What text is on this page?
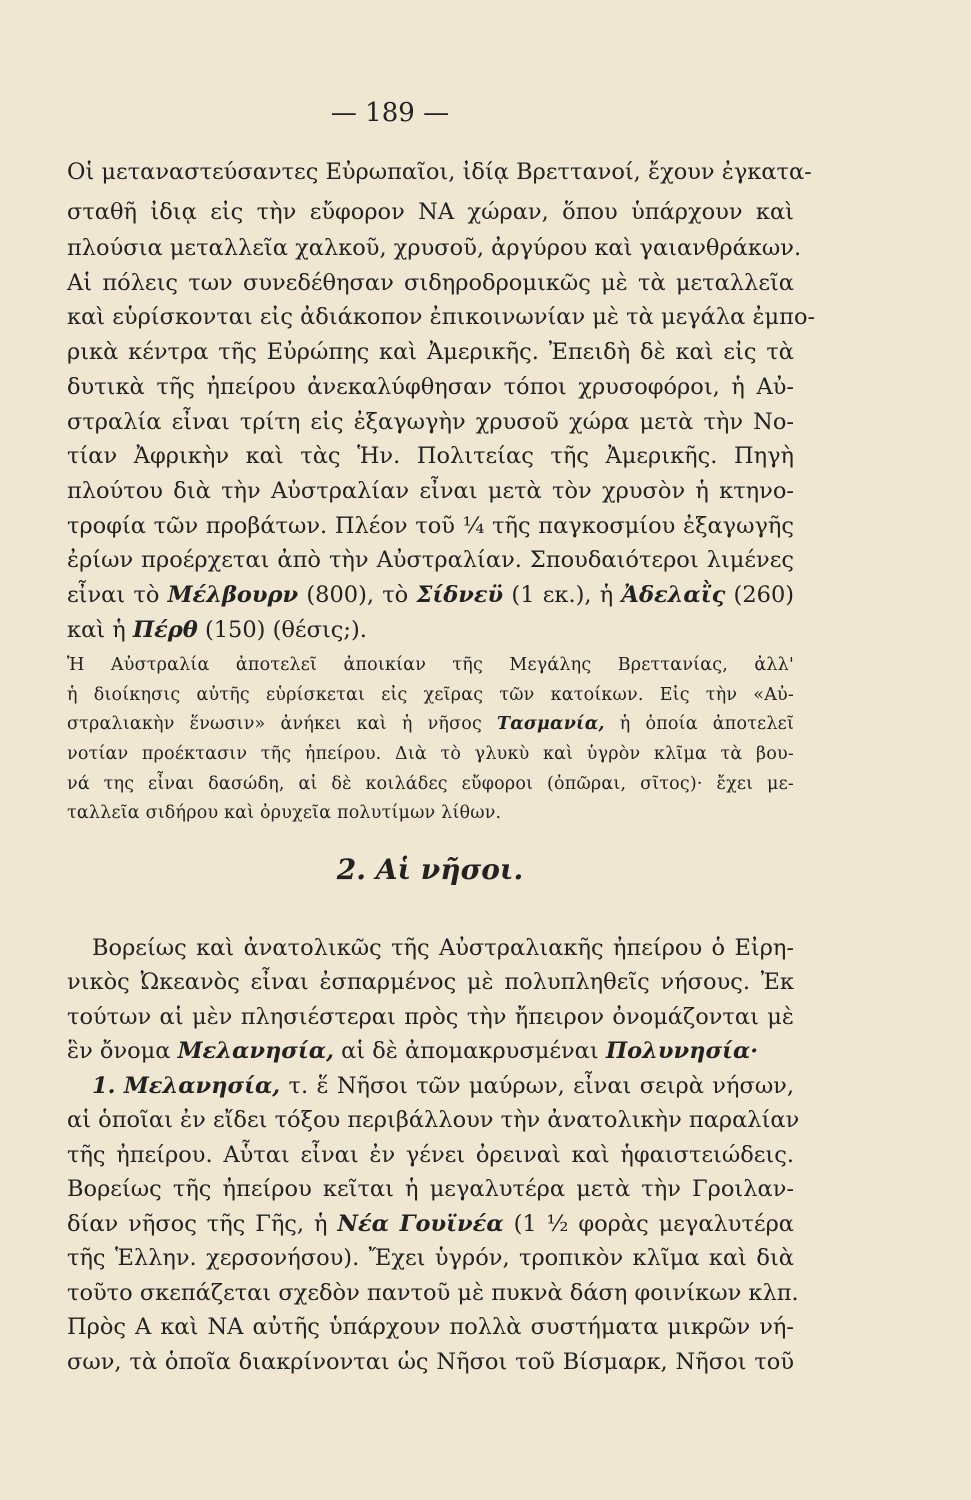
— 189 —
Οἱ μεταναστεύσαντες Εὐρωπαῖοι, ἰδίᾳ Βρεττανοί, ἔχουν ἐγκατα-
σταθῆ ἰδιᾳ εἰς τὴν εὔφορον ΝΑ χώραν, ὅπου ὑπάρχουν καὶ
πλούσια μεταλλεῖα χαλκοῦ, χρυσοῦ, ἀργύρου καὶ γαιανθράκων.
Αἱ πόλεις των συνεδέθησαν σιδηροδρομικῶς μὲ τὰ μεταλλεῖα
καὶ εὑρίσκονται εἰς ἀδιάκοπον ἐπικοινωνίαν μὲ τὰ μεγάλα ἐμπο-
ρικὰ κέντρα τῆς Εὐρώπης καὶ Ἀμερικῆς. Ἐπειδὴ δὲ καὶ εἰς τὰ
δυτικὰ τῆς ἠπείρου ἀνεκαλύφθησαν τόποι χρυσοφόροι, ἡ Αὐ-
στραλία εἶναι τρίτη εἰς ἐξαγωγὴν χρυσοῦ χώρα μετὰ τὴν Νο-
τίαν Ἀφρικὴν καὶ τὰς Ἡν. Πολιτείας τῆς Ἀμερικῆς. Πηγὴ
πλούτου διὰ τὴν Αὐστραλίαν εἶναι μετὰ τὸν χρυσὸν ἡ κτηνο-
τροφία τῶν προβάτων. Πλέον τοῦ ¼ τῆς παγκοσμίου ἐξαγωγῆς
ἐρίων προέρχεται ἀπὸ τὴν Αὐστραλίαν. Σπουδαιότεροι λιμένες
εἶναι τὸ Μέλβουρν (800), τὸ Σίδνεϋ (1 εκ.), ἡ Ἀδελαῒς (260)
καὶ ἡ Πέρθ (150) (θέσις;).
Ἡ Αὐστραλία ἀποτελεῖ ἀποικίαν τῆς Μεγάλης Βρεττανίας, ἀλλ'
ἡ διοίκησις αὐτῆς εὑρίσκεται εἰς χεῖρας τῶν κατοίκων. Εἰς τὴν «Αὐ-
στραλιακὴν ἕνωσιν» ἀνήκει καὶ ἡ νῆσος Τασμανία, ἡ ὁποία ἀποτελεῖ
νοτίαν προέκτασιν τῆς ἠπείρου. Διὰ τὸ γλυκὺ καὶ ὑγρὸν κλῖμα τὰ βου-
νά της εἶναι δασώδη, αἱ δὲ κοιλάδες εὔφοροι (ὀπῶραι, σῖτος)· ἔχει με-
ταλλεῖα σιδήρου καὶ ὀρυχεῖα πολυτίμων λίθων.
2. Αἱ νῆσοι.
Βορείως καὶ ἀνατολικῶς τῆς Αὐστραλιακῆς ἠπείρου ὁ Εἰρη-
νικὸς Ὠκεανὸς εἶναι ἐσπαρμένος μὲ πολυπληθεῖς νήσους. Ἐκ
τούτων αἱ μὲν πλησιέστεραι πρὸς τὴν ἤπειρον ὀνομάζονται μὲ
ἓν ὄνομα Μελανησία, αἱ δὲ ἀπομακρυσμέναι Πολυνησία·
1. Μελανησία, τ. ἕ Νῆσοι τῶν μαύρων, εἶναι σειρὰ νήσων,
αἱ ὁποῖαι ἐν εἴδει τόξου περιβάλλουν τὴν ἀνατολικὴν παραλίαν
τῆς ἠπείρου. Αὗται εἶναι ἐν γένει ὀρειναὶ καὶ ἡφαιστειώδεις.
Βορείως τῆς ἠπείρου κεῖται ἡ μεγαλυτέρα μετὰ τὴν Γροιλαν-
δίαν νῆσος τῆς Γῆς, ἡ Νέα Γουϊνέα (1 ½ φορὰς μεγαλυτέρα
τῆς Ἑλλην. χερσονήσου). Ἔχει ὑγρόν, τροπικὸν κλῖμα καὶ διὰ
τοῦτο σκεπάζεται σχεδὸν παντοῦ μὲ πυκνὰ δάση φοινίκων κλπ.
Πρὸς Α καὶ ΝΑ αὐτῆς ὑπάρχουν πολλὰ συστήματα μικρῶν νή-
σων, τὰ ὁποῖα διακρίνονται ὡς Νῆσοι τοῦ Βίσμαρκ, Νῆσοι τοῦ
